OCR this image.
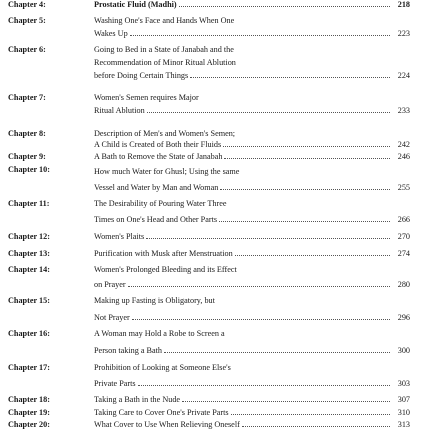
Chapter 4:	Prostatic Fluid (Madhi)	218
Chapter 5:	Washing One's Face and Hands When One
Wakes Up	223
Chapter 6:	Going to Bed in a State of Janabah and the
Recommendation of Minor Ritual Ablution
before Doing Certain Things	224
Chapter 7:	Women's Semen requires Major
Ritual Ablution	233
Chapter 8:	Description of Men's and Women's Semen;
A Child is Created of Both their Fluids	242
Chapter 9:	A Bath to Remove the State of Janabah	246
Chapter 10:	How much Water for Ghusl; Using the same
Vessel and Water by Man and Woman	255
Chapter 11:	The Desirability of Pouring Water Three
Times on One's Head and Other Parts	266
Chapter 12:	Women's Plaits	270
Chapter 13:	Purification with Musk after Menstruation	274
Chapter 14:	Women's Prolonged Bleeding and its Effect
on Prayer	280
Chapter 15:	Making up Fasting is Obligatory, but
Not Prayer	296
Chapter 16:	A Woman may Hold a Robe to Screen a
Person taking a Bath	300
Chapter 17:	Prohibition of Looking at Someone Else's
Private Parts	303
Chapter 18:	Taking a Bath in the Nude	307
Chapter 19:	Taking Care to Cover One's Private Parts	310
Chapter 20:	What Cover to Use When Relieving Oneself	313
